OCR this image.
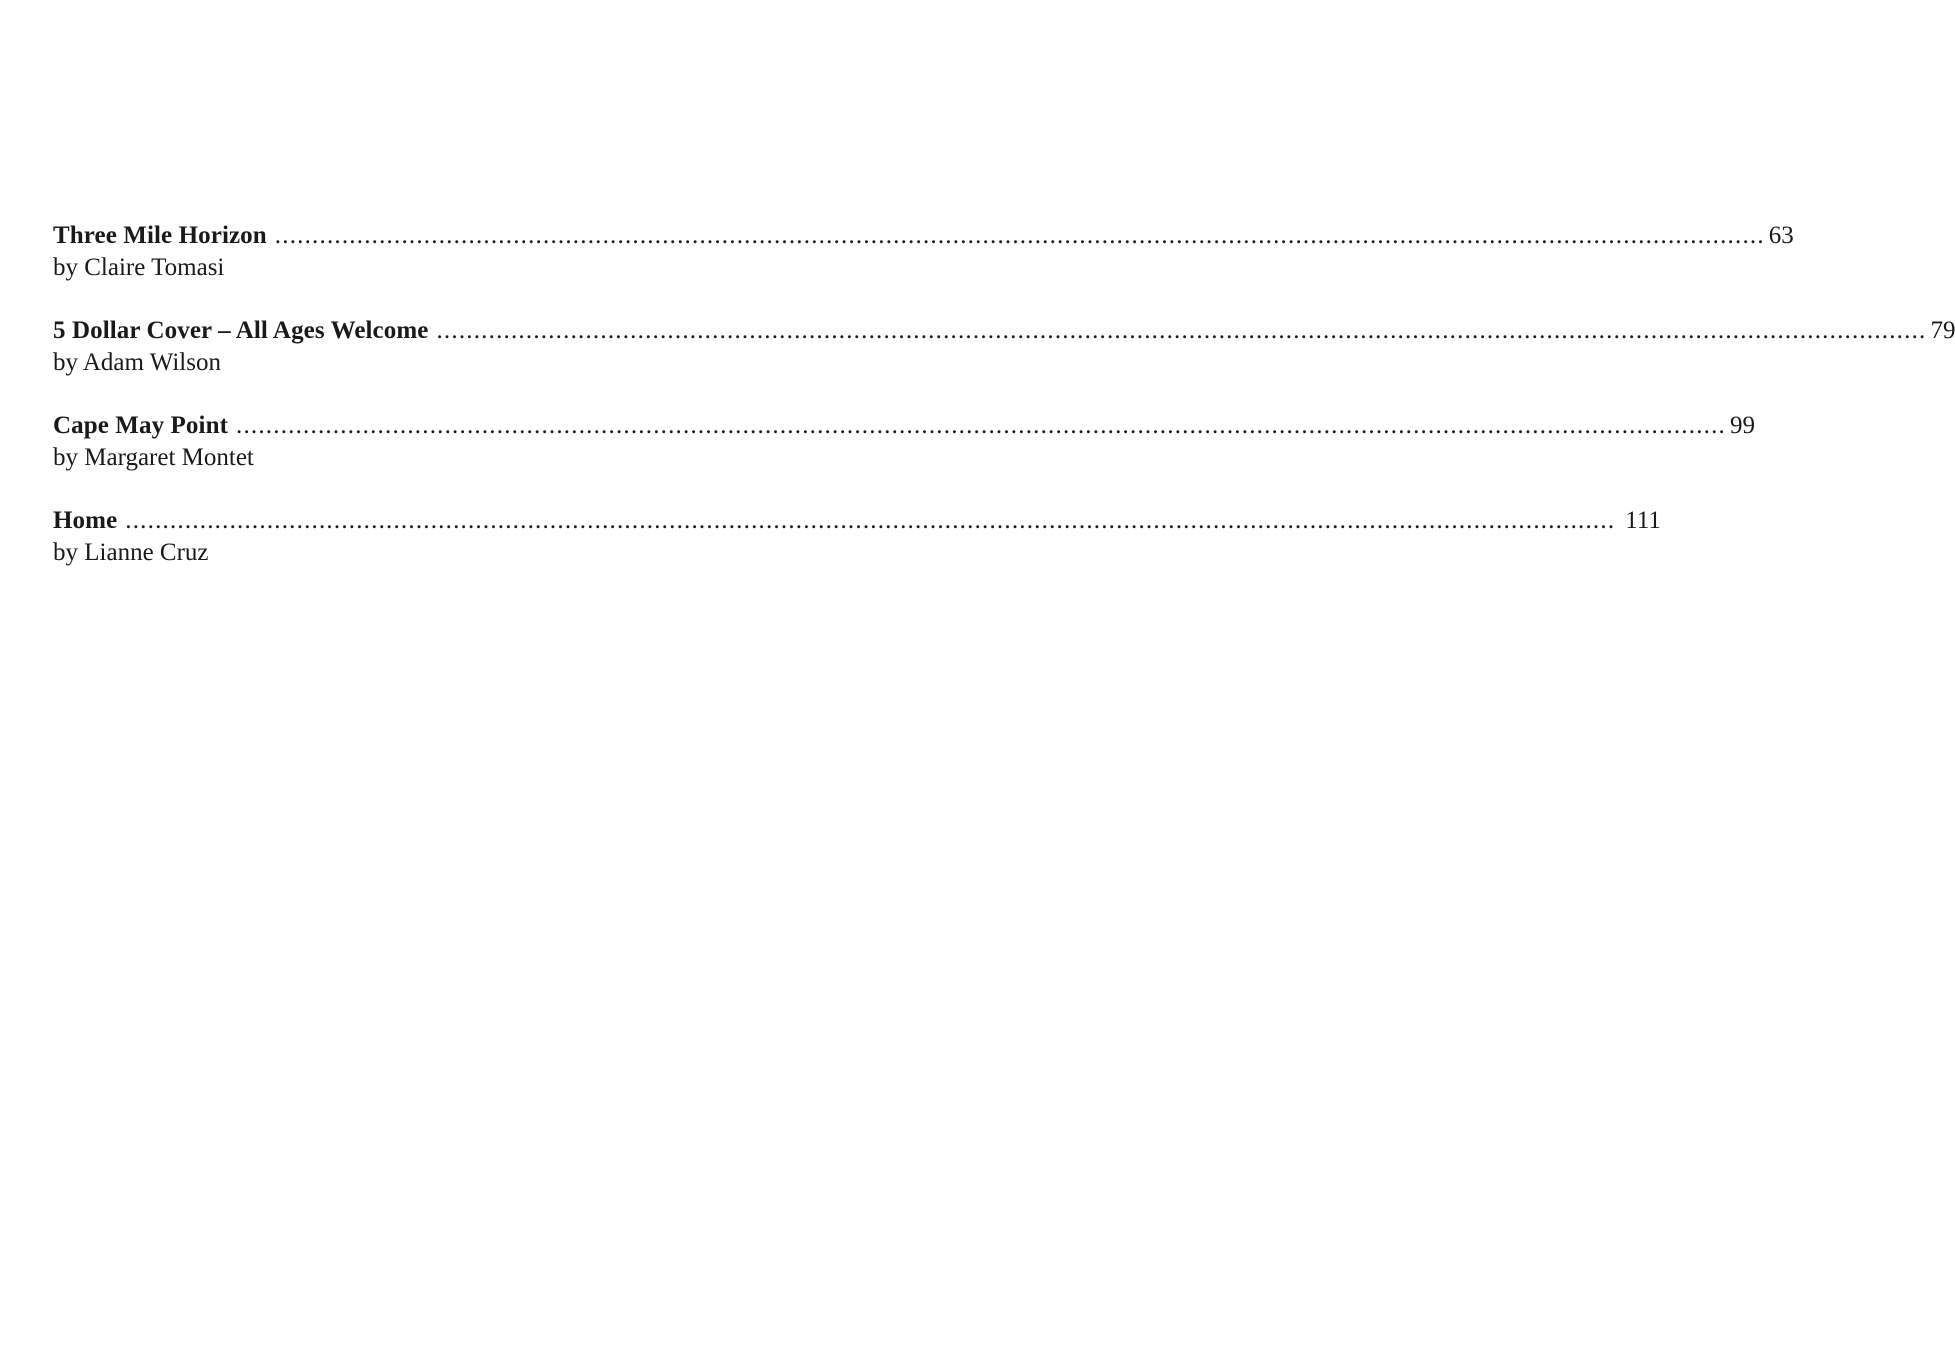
Three Mile Horizon ........................................................................................................................................................................................................ 63
by Claire Tomasi
5 Dollar Cover – All Ages Welcome ........................................................................................................................................................................................................ 79
by Adam Wilson
Cape May Point ........................................................................................................................................................................................................ 99
by Margaret Montet
Home ........................................................................................................................................................................................................ 111
by Lianne Cruz
